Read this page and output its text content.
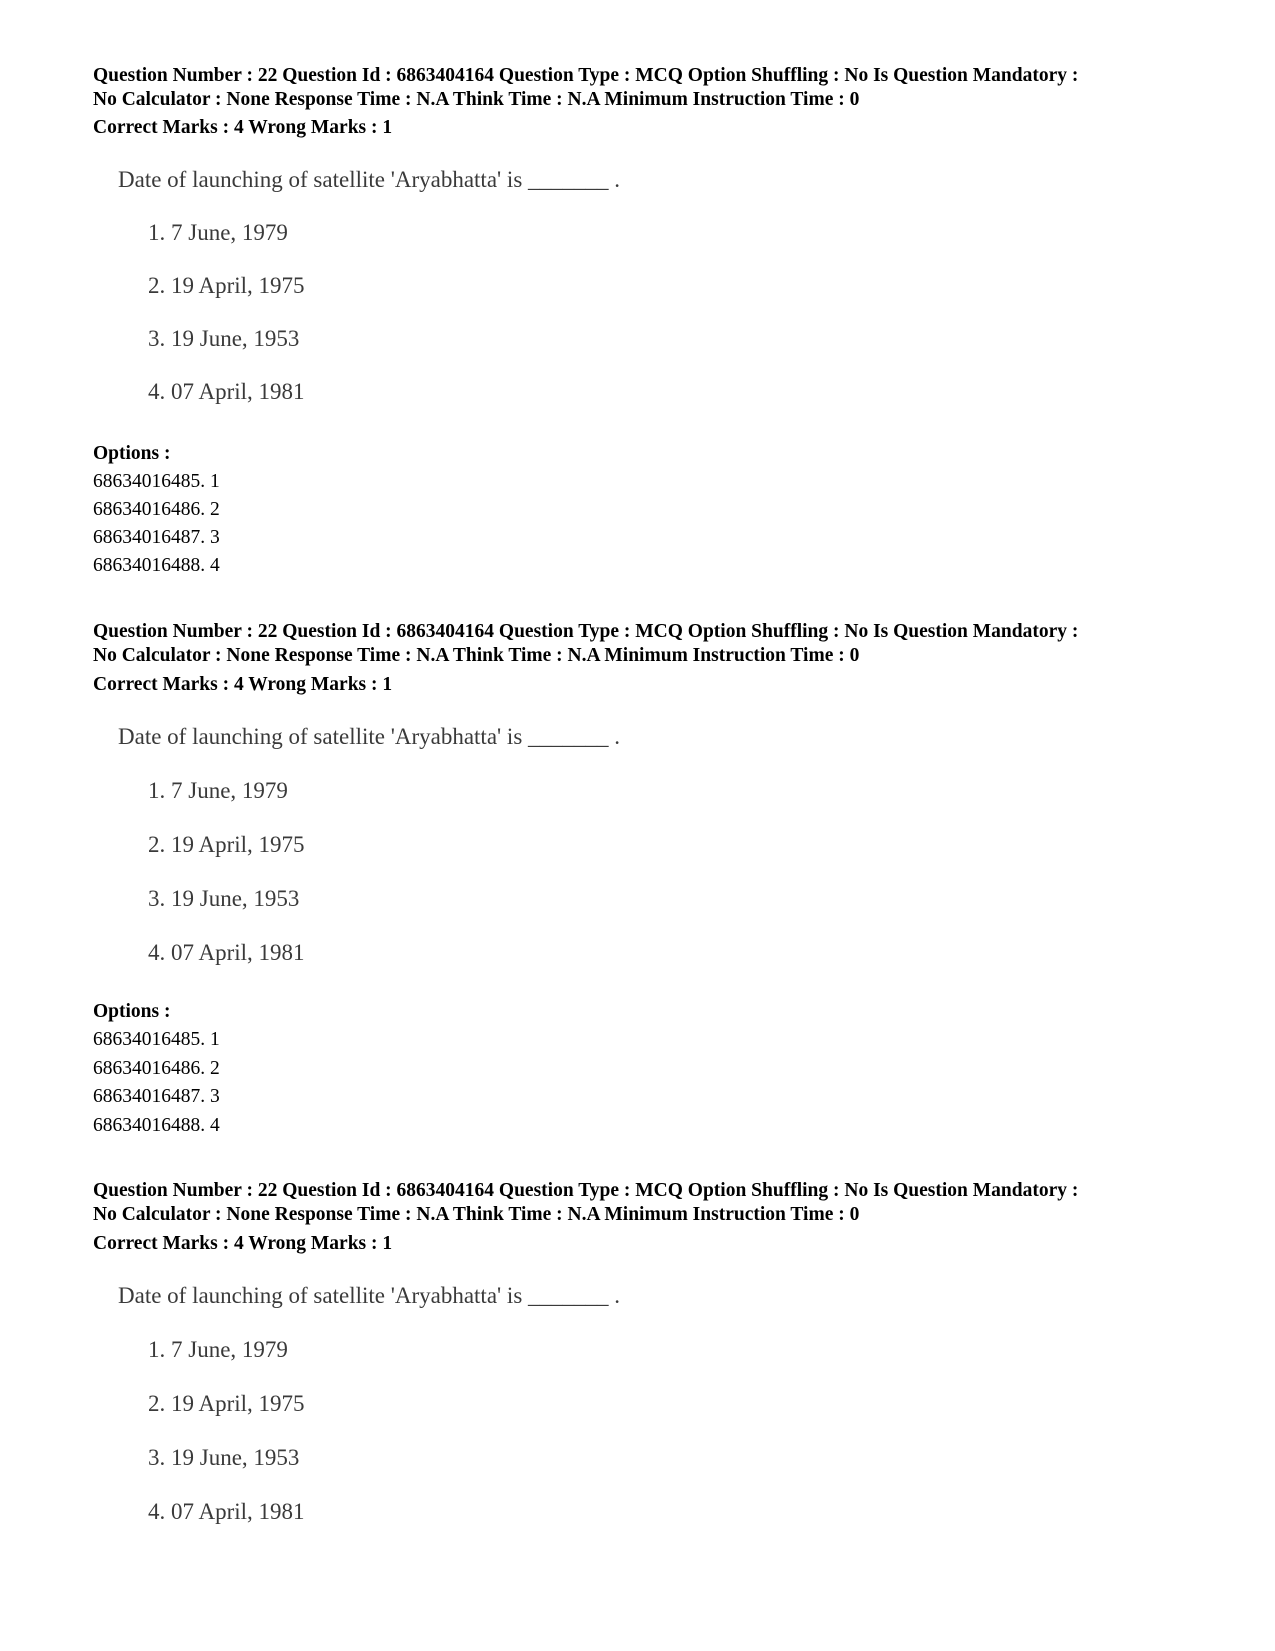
Question Number : 22 Question Id : 6863404164 Question Type : MCQ Option Shuffling : No Is Question Mandatory :
No Calculator : None Response Time : N.A Think Time : N.A Minimum Instruction Time : 0
Correct Marks : 4 Wrong Marks : 1
Date of launching of satellite 'Aryabhatta' is _______ .
1. 7 June, 1979
2. 19 April, 1975
3. 19 June, 1953
4. 07 April, 1981
Options :
68634016485. 1
68634016486. 2
68634016487. 3
68634016488. 4
Question Number : 22 Question Id : 6863404164 Question Type : MCQ Option Shuffling : No Is Question Mandatory :
No Calculator : None Response Time : N.A Think Time : N.A Minimum Instruction Time : 0
Correct Marks : 4 Wrong Marks : 1
Date of launching of satellite 'Aryabhatta' is _______ .
1. 7 June, 1979
2. 19 April, 1975
3. 19 June, 1953
4. 07 April, 1981
Options :
68634016485. 1
68634016486. 2
68634016487. 3
68634016488. 4
Question Number : 22 Question Id : 6863404164 Question Type : MCQ Option Shuffling : No Is Question Mandatory :
No Calculator : None Response Time : N.A Think Time : N.A Minimum Instruction Time : 0
Correct Marks : 4 Wrong Marks : 1
Date of launching of satellite 'Aryabhatta' is _______ .
1. 7 June, 1979
2. 19 April, 1975
3. 19 June, 1953
4. 07 April, 1981
